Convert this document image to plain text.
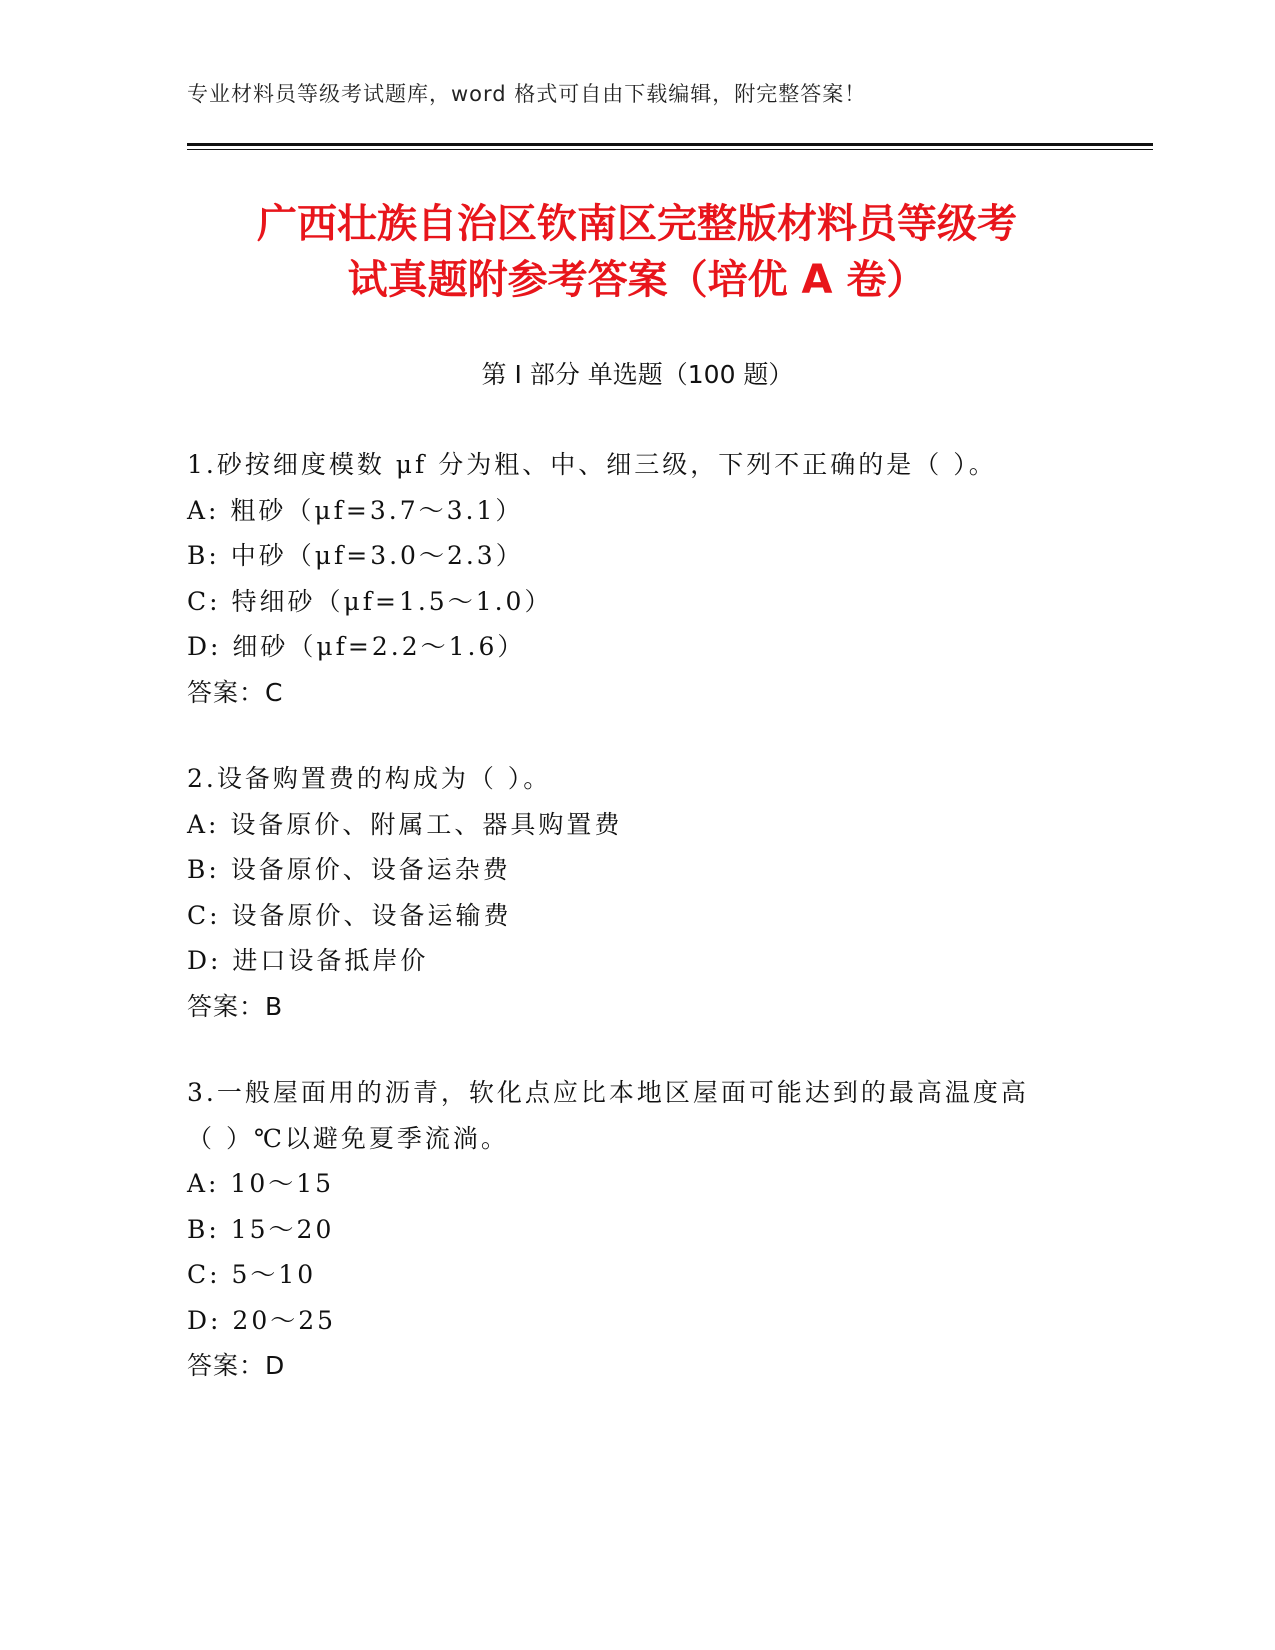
专业材料员等级考试题库，word 格式可自由下载编辑，附完整答案！
广西壮族自治区钦南区完整版材料员等级考
试真题附参考答案（培优 A 卷）
第 I 部分 单选题（100 题）
1.砂按细度模数 μf 分为粗、中、细三级，下列不正确的是（ ）。
A: 粗砂（μf=3.7～3.1）
B: 中砂（μf=3.0～2.3）
C: 特细砂（μf=1.5～1.0）
D: 细砂（μf=2.2～1.6）
答案：C
2.设备购置费的构成为（ ）。
A: 设备原价、附属工、器具购置费
B: 设备原价、设备运杂费
C: 设备原价、设备运输费
D: 进口设备抵岸价
答案：B
3.一般屋面用的沥青，软化点应比本地区屋面可能达到的最高温度高
（ ）℃以避免夏季流淌。
A: 10～15
B: 15～20
C: 5～10
D: 20～25
答案：D
